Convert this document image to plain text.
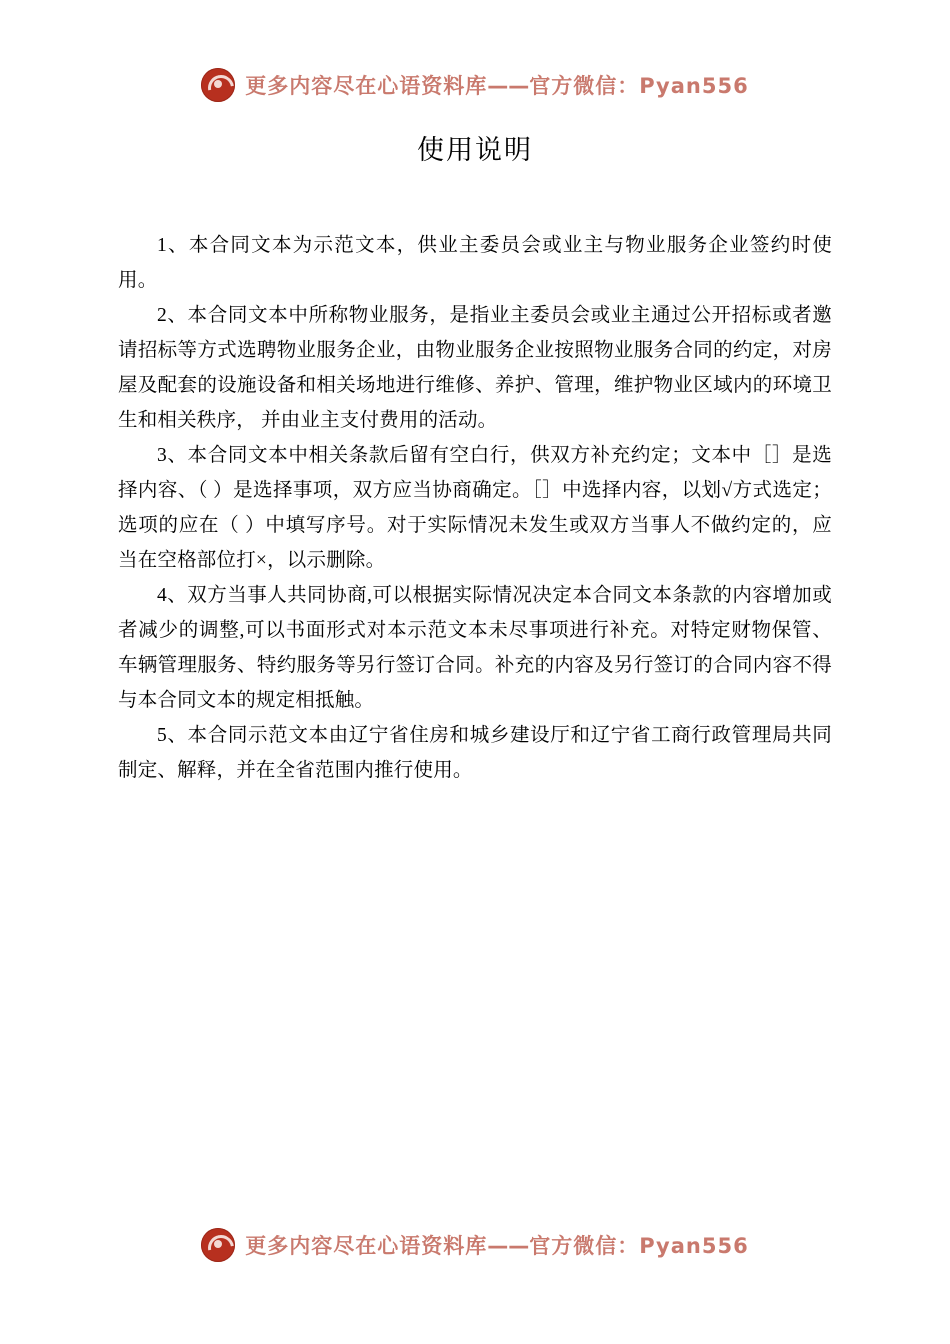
更多内容尽在心语资料库——官方微信：Pyan556
使用说明

1、本合同文本为示范文本，供业主委员会或业主与物业服务企业签约时使用。

2、本合同文本中所称物业服务，是指业主委员会或业主通过公开招标或者邀请招标等方式选聘物业服务企业，由物业服务企业按照物业服务合同的约定，对房屋及配套的设施设备和相关场地进行维修、养护、管理，维护物业区域内的环境卫生和相关秩序， 并由业主支付费用的活动。

3、本合同文本中相关条款后留有空白行，供双方补充约定；文本中［］是选择内容、（ ）是选择事项，双方应当协商确定。［］中选择内容，以划√方式选定；选项的应在（ ）中填写序号。对于实际情况未发生或双方当事人不做约定的，应当在空格部位打×，以示删除。

4、双方当事人共同协商,可以根据实际情况决定本合同文本条款的内容增加或者减少的调整,可以书面形式对本示范文本未尽事项进行补充。对特定财物保管、车辆管理服务、特约服务等另行签订合同。补充的内容及另行签订的合同内容不得与本合同文本的规定相抵触。

5、本合同示范文本由辽宁省住房和城乡建设厅和辽宁省工商行政管理局共同制定、解释，并在全省范围内推行使用。

更多内容尽在心语资料库——官方微信：Pyan556
